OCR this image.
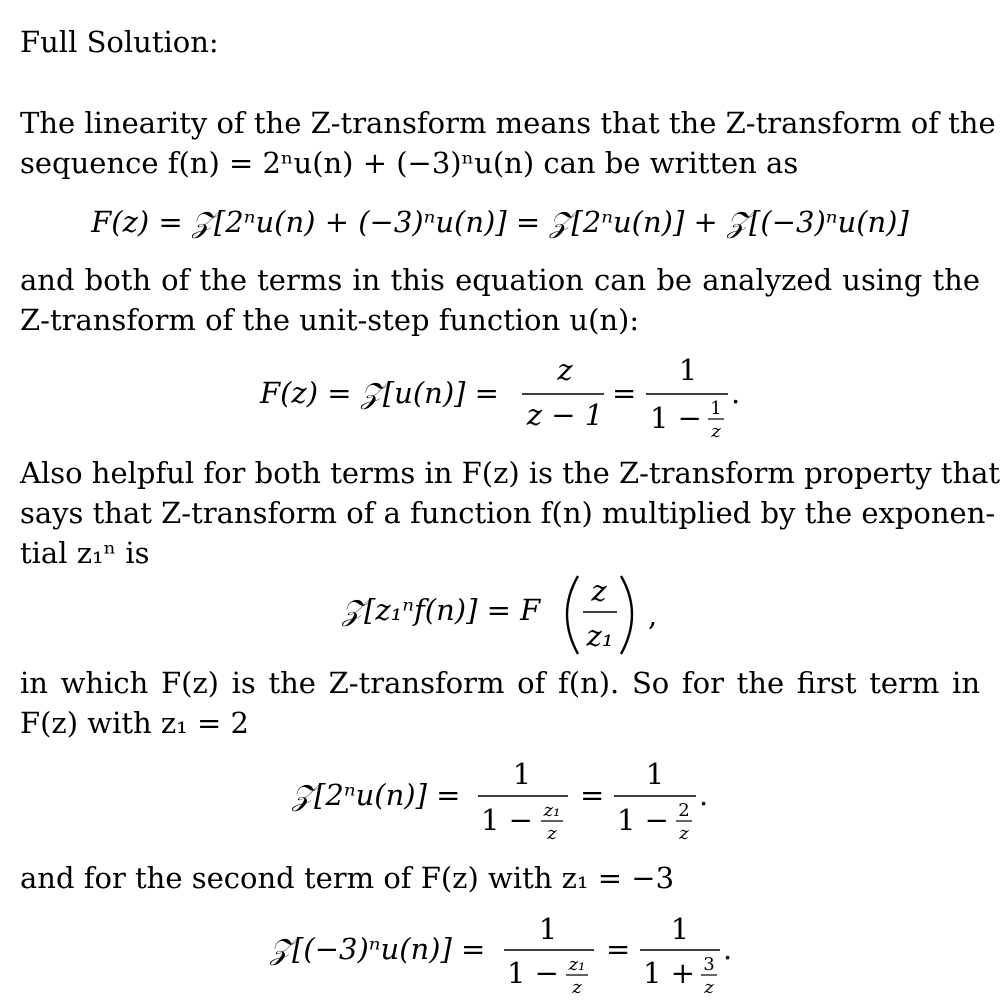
Full Solution:
The linearity of the Z-transform means that the Z-transform of the
sequence f(n) = 2ⁿu(n) + (−3)ⁿu(n) can be written as
F(z) = 𝒵[2ⁿu(n) + (−3)ⁿu(n)] = 𝒵[2ⁿu(n)] + 𝒵[(−3)ⁿu(n)]
and both of the terms in this equation can be analyzed using the
Z-transform of the unit-step function u(n):
F(z) = 𝒵[u(n)] =
z
z − 1
=
1
1 − 1
z
.
Also helpful for both terms in F(z) is the Z-transform property that
says that Z-transform of a function f(n) multiplied by the exponen-
tial z₁ⁿ is
𝒵[z₁ⁿf(n)] = F
z
z₁
,
in which F(z) is the Z-transform of f(n). So for the first term in
F(z) with z₁ = 2
𝒵[2ⁿu(n)] =
1
1 − z₁
z
=
1
1 − 2
z
.
and for the second term of F(z) with z₁ = −3
𝒵[(−3)ⁿu(n)] =
1
1 − z₁
z
=
1
1 + 3
z
.
